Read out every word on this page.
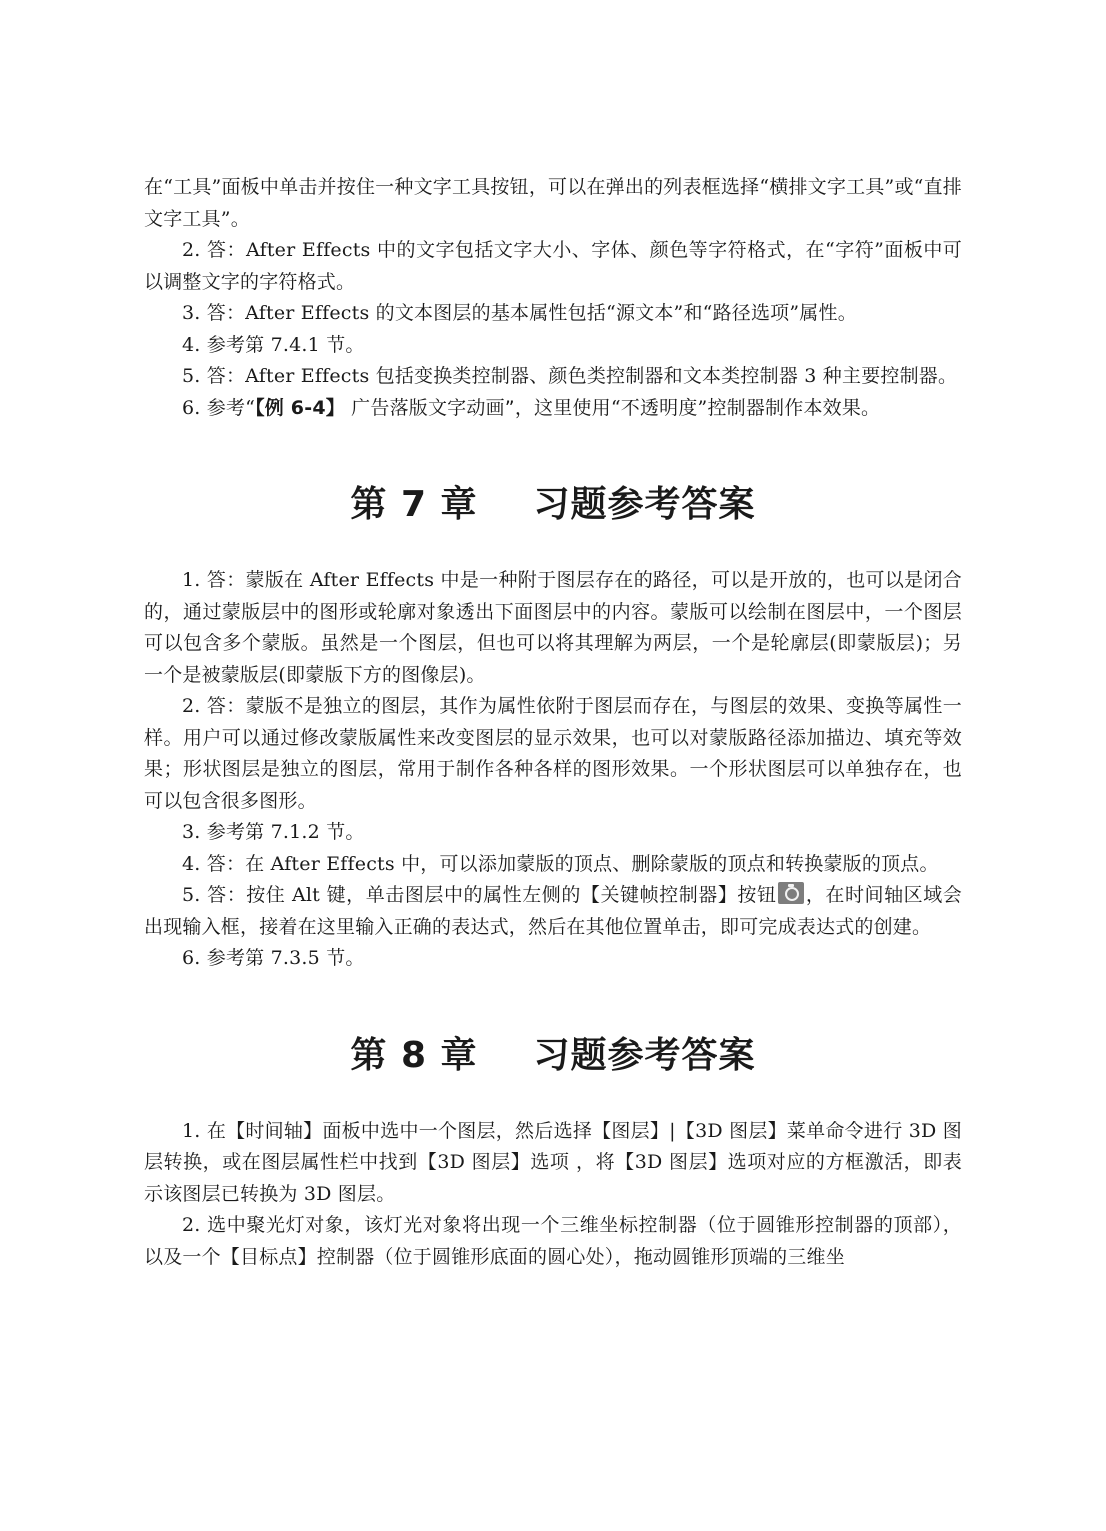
在“工具”面板中单击并按住一种文字工具按钮，可以在弹出的列表框选择“横排文字工具”或“直排文字工具”。

2. 答：After Effects 中的文字包括文字大小、字体、颜色等字符格式，在“字符”面板中可以调整文字的字符格式。

3. 答：After Effects 的文本图层的基本属性包括“源文本”和“路径选项”属性。

4. 参考第 7.4.1 节。

5. 答：After Effects 包括变换类控制器、颜色类控制器和文本类控制器 3 种主要控制器。

6. 参考“【例 6-4】 广告落版文字动画”，这里使用“不透明度”控制器制作本效果。

第 7 章 习题参考答案

1. 答：蒙版在 After Effects 中是一种附于图层存在的路径，可以是开放的，也可以是闭合的，通过蒙版层中的图形或轮廓对象透出下面图层中的内容。蒙版可以绘制在图层中，一个图层可以包含多个蒙版。虽然是一个图层，但也可以将其理解为两层，一个是轮廓层(即蒙版层)；另一个是被蒙版层(即蒙版下方的图像层)。

2. 答：蒙版不是独立的图层，其作为属性依附于图层而存在，与图层的效果、变换等属性一样。用户可以通过修改蒙版属性来改变图层的显示效果，也可以对蒙版路径添加描边、填充等效果；形状图层是独立的图层，常用于制作各种各样的图形效果。一个形状图层可以单独存在，也可以包含很多图形。

3. 参考第 7.1.2 节。

4. 答：在 After Effects 中，可以添加蒙版的顶点、删除蒙版的顶点和转换蒙版的顶点。

5. 答：按住 Alt 键，单击图层中的属性左侧的【关键帧控制器】按钮 ，在时间轴区域会出现输入框，接着在这里输入正确的表达式，然后在其他位置单击，即可完成表达式的创建。

6. 参考第 7.3.5 节。

第 8 章 习题参考答案

1. 在【时间轴】面板中选中一个图层，然后选择【图层】|【3D 图层】菜单命令进行 3D 图层转换，或在图层属性栏中找到【3D 图层】选项 ，将【3D 图层】选项对应的方框激活，即表示该图层已转换为 3D 图层。

2. 选中聚光灯对象，该灯光对象将出现一个三维坐标控制器（位于圆锥形控制器的顶部），以及一个【目标点】控制器（位于圆锥形底面的圆心处），拖动圆锥形顶端的三维坐
